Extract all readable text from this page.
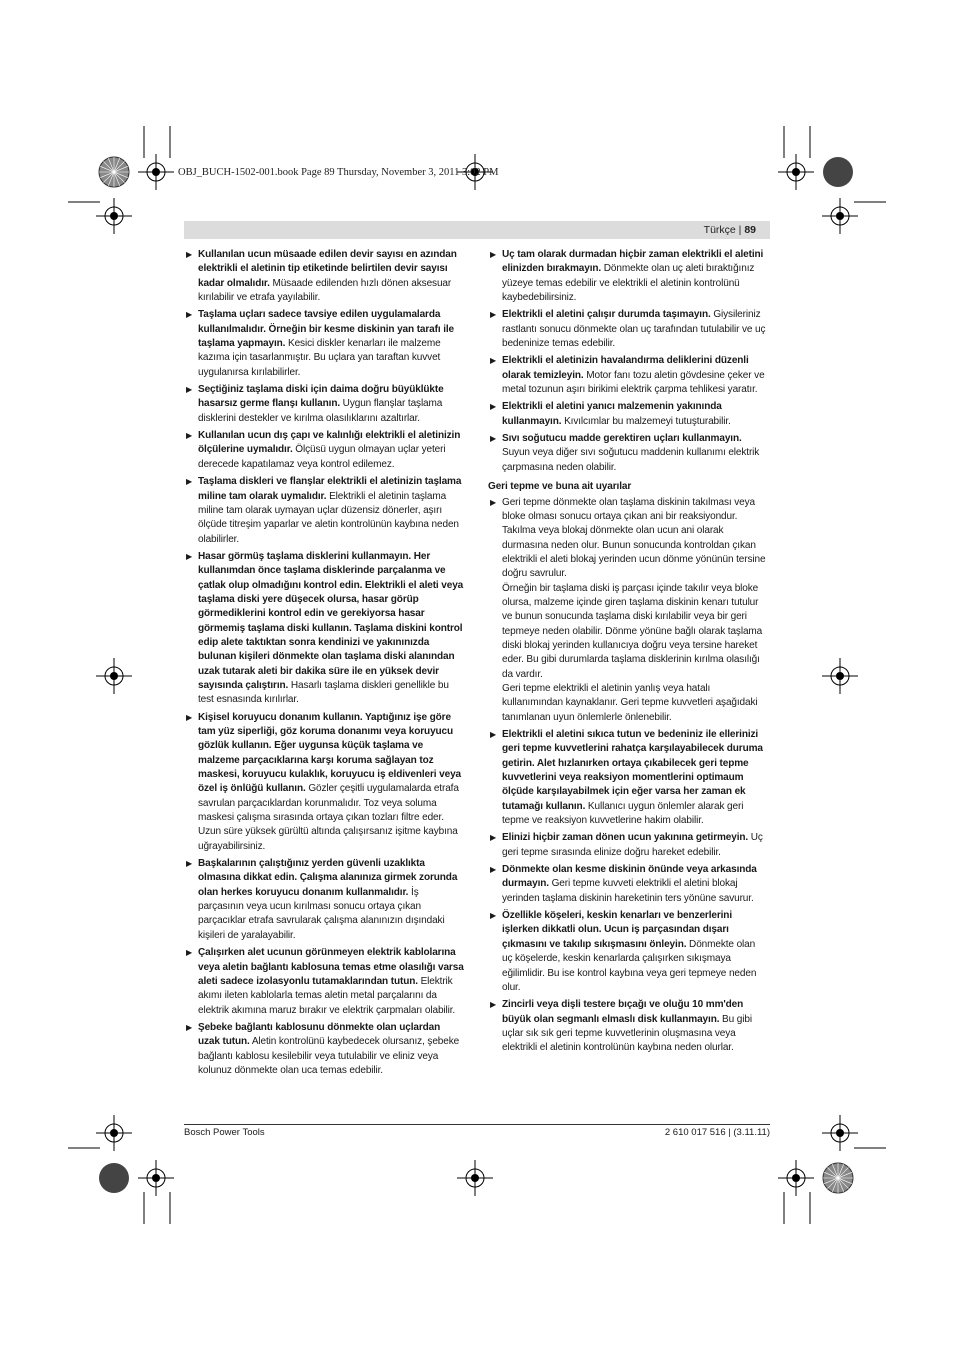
OBJ_BUCH-1502-001.book Page 89 Thursday, November 3, 2011 3:02 PM
Türkçe | 89
▶ Kullanılan ucun müsaade edilen devir sayısı en azından elektrikli el aletinin tip etiketinde belirtilen devir sayısı kadar olmalıdır. Müsaade edilenden hızlı dönen aksesuar kırılabilir ve etrafa yayılabilir.
▶ Taşlama uçları sadece tavsiye edilen uygulamalarda kullanılmalıdır. Örneğin bir kesme diskinin yan tarafı ile taşlama yapmayın. Kesici diskler kenarları ile malzeme kazıma için tasarlanmıştır. Bu uçlara yan taraftan kuvvet uygulanırsa kırılabilirler.
▶ Seçtiğiniz taşlama diski için daima doğru büyüklükte hasarsız germe flanşı kullanın. Uygun flanşlar taşlama disklerini destekler ve kırılma olasılıklarını azaltırlar.
▶ Kullanılan ucun dış çapı ve kalınlığı elektrikli el aletinizin ölçülerine uymalıdır. Ölçüsü uygun olmayan uçlar yeteri derecede kapatılamaz veya kontrol edilemez.
▶ Taşlama diskleri ve flanşlar elektrikli el aletinizin taşlama miline tam olarak uymalıdır. Elektrikli el aletinin taşlama miline tam olarak uymayan uçlar düzensiz dönerler, aşırı ölçüde titreşim yaparlar ve aletin kontrolünün kaybına neden olabilirler.
▶ Hasar görmüş taşlama disklerini kullanmayın. Her kullanımdan önce taşlama disklerinde parçalanma ve çatlak olup olmadığını kontrol edin. Elektrikli el aleti veya taşlama diski yere düşecek olursa, hasar görüp görmediklerini kontrol edin ve gerekiyorsa hasar görmemiş taşlama diski kullanın. Taşlama diskini kontrol edip alete taktıktan sonra kendinizi ve yakınınızda bulunan kişileri dönmekte olan taşlama diski alanından uzak tutarak aleti bir dakika süre ile en yüksek devir sayısında çalıştırın. Hasarlı taşlama diskleri genellikle bu test esnasında kırılırlar.
▶ Kişisel koruyucu donanım kullanın. Yaptığınız işe göre tam yüz siperliği, göz koruma donanımı veya koruyucu gözlük kullanın. Eğer uygunsa küçük taşlama ve malzeme parçacıklarına karşı koruma sağlayan toz maskesi, koruyucu kulaklık, koruyucu iş eldivenleri veya özel iş önlüğü kullanın. Gözler çeşitli uygulamalarda etrafa savrulan parçacıklardan korunmalıdır. Toz veya soluma maskesi çalışma sırasında ortaya çıkan tozları filtre eder. Uzun süre yüksek gürültü altında çalışırsanız işitme kaybına uğrayabilirsiniz.
▶ Başkalarının çalıştığınız yerden güvenli uzaklıkta olmasına dikkat edin. Çalışma alanınıza girmek zorunda olan herkes koruyucu donanım kullanmalıdır. İş parçasının veya ucun kırılması sonucu ortaya çıkan parçacıklar etrafa savrularak çalışma alanınızın dışındaki kişileri de yaralayabilir.
▶ Çalışırken alet ucunun görünmeyen elektrik kablolarına veya aletin bağlantı kablosuna temas etme olasılığı varsa aleti sadece izolasyonlu tutamaklarından tutun. Elektrik akımı ileten kablolarla temas aletin metal parçalarını da elektrik akımına maruz bırakır ve elektrik çarpmaları olabilir.
▶ Şebeke bağlantı kablosunu dönmekte olan uçlardan uzak tutun. Aletin kontrolünü kaybedecek olursanız, şebeke bağlantı kablosu kesilebilir veya tutulabilir ve eliniz veya kolunuz dönmekte olan uca temas edebilir.
▶ Uç tam olarak durmadan hiçbir zaman elektrikli el aletini elinizden bırakmayın. Dönmekte olan uç aleti bıraktığınız yüzeye temas edebilir ve elektrikli el aletinin kontrolünü kaybedebilirsiniz.
▶ Elektrikli el aletini çalışır durumda taşımayın. Giysileriniz rastlantı sonucu dönmekte olan uç tarafından tutulabilir ve uç bedeninize temas edebilir.
▶ Elektrikli el aletinizin havalandırma deliklerini düzenli olarak temizleyin. Motor fanı tozu aletin gövdesine çeker ve metal tozunun aşırı birikimi elektrik çarpma tehlikesi yaratır.
▶ Elektrikli el aletini yanıcı malzemenin yakınında kullanmayın. Kıvılcımlar bu malzemeyi tutuşturabilir.
▶ Sıvı soğutucu madde gerektiren uçları kullanmayın. Suyun veya diğer sıvı soğutucu maddenin kullanımı elektrik çarpmasına neden olabilir.
Geri tepme ve buna ait uyarılar
▶ Geri tepme dönmekte olan taşlama diskinin takılması veya bloke olması sonucu ortaya çıkan ani bir reaksiyondur. Takılma veya blokaj dönmekte olan ucun ani olarak durmasına neden olur. Bunun sonucunda kontroldan çıkan elektrikli el aleti blokaj yerinden ucun dönme yönünün tersine doğru savrulur.
Örneğin bir taşlama diski iş parçası içinde takılır veya bloke olursa, malzeme içinde giren taşlama diskinin kenarı tutulur ve bunun sonucunda taşlama diski kırılabilir veya bir geri tepmeye neden olabilir. Dönme yönüne bağlı olarak taşlama diski blokaj yerinden kullanıcıya doğru veya tersine hareket eder. Bu gibi durumlarda taşlama disklerinin kırılma olasılığı da vardır.
Geri tepme elektrikli el aletinin yanlış veya hatalı kullanımından kaynaklanır. Geri tepme kuvvetleri aşağıdaki tanımlanan uyun önlemlerle önlenebilir.
▶ Elektrikli el aletini sıkıca tutun ve bedeniniz ile ellerinizi geri tepme kuvvetlerini rahatça karşılayabilecek duruma getirin. Alet hızlanırken ortaya çıkabilecek geri tepme kuvvetlerini veya reaksiyon momentlerini optimaum ölçüde karşılayabilmek için eğer varsa her zaman ek tutamağı kullanın. Kullanıcı uygun önlemler alarak geri tepme ve reaksiyon kuvvetlerine hakim olabilir.
▶ Elinizi hiçbir zaman dönen ucun yakınına getirmeyin. Uç geri tepme sırasında elinize doğru hareket edebilir.
▶ Dönmekte olan kesme diskinin önünde veya arkasında durmayın. Geri tepme kuvveti elektrikli el aletini blokaj yerinden taşlama diskinin hareketinin ters yönüne savurur.
▶ Özellikle köşeleri, keskin kenarları ve benzerlerini işlerken dikkatli olun. Ucun iş parçasından dışarı çıkmasını ve takılıp sıkışmasını önleyin. Dönmekte olan uç köşelerde, keskin kenarlarda çalışırken sıkışmaya eğilimlidir. Bu ise kontrol kaybına veya geri tepmeye neden olur.
▶ Zincirli veya dişli testere bıçağı ve oluğu 10 mm'den büyük olan segmanlı elmaslı disk kullanmayın. Bu gibi uçlar sık sık geri tepme kuvvetlerinin oluşmasına veya elektrikli el aletinin kontrolünün kaybına neden olurlar.
Bosch Power Tools	2 610 017 516 | (3.11.11)
